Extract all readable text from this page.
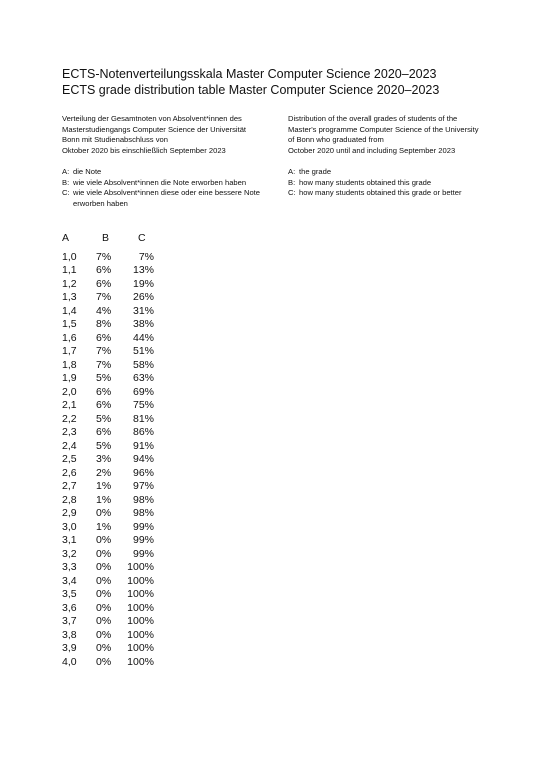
ECTS-Notenverteilungsskala Master Computer Science 2020–2023
ECTS grade distribution table Master Computer Science 2020–2023
Verteilung der Gesamtnoten von Absolvent*innen des
Masterstudiengangs Computer Science der Universität
Bonn mit Studienabschluss von
Oktober 2020 bis einschließlich September 2023
A: die Note
B: wie viele Absolvent*innen die Note erworben haben
C: wie viele Absolvent*innen diese oder eine bessere Note erworben haben
Distribution of the overall grades of students of the
Master's programme Computer Science of the University
of Bonn who graduated from
October 2020 until and including September 2023
A: the grade
B: how many students obtained this grade
C: how many students obtained this grade or better
A	B	C
1,0	7%	7%
1,1	6%	13%
1,2	6%	19%
1,3	7%	26%
1,4	4%	31%
1,5	8%	38%
1,6	6%	44%
1,7	7%	51%
1,8	7%	58%
1,9	5%	63%
2,0	6%	69%
2,1	6%	75%
2,2	5%	81%
2,3	6%	86%
2,4	5%	91%
2,5	3%	94%
2,6	2%	96%
2,7	1%	97%
2,8	1%	98%
2,9	0%	98%
3,0	1%	99%
3,1	0%	99%
3,2	0%	99%
3,3	0%	100%
3,4	0%	100%
3,5	0%	100%
3,6	0%	100%
3,7	0%	100%
3,8	0%	100%
3,9	0%	100%
4,0	0%	100%
